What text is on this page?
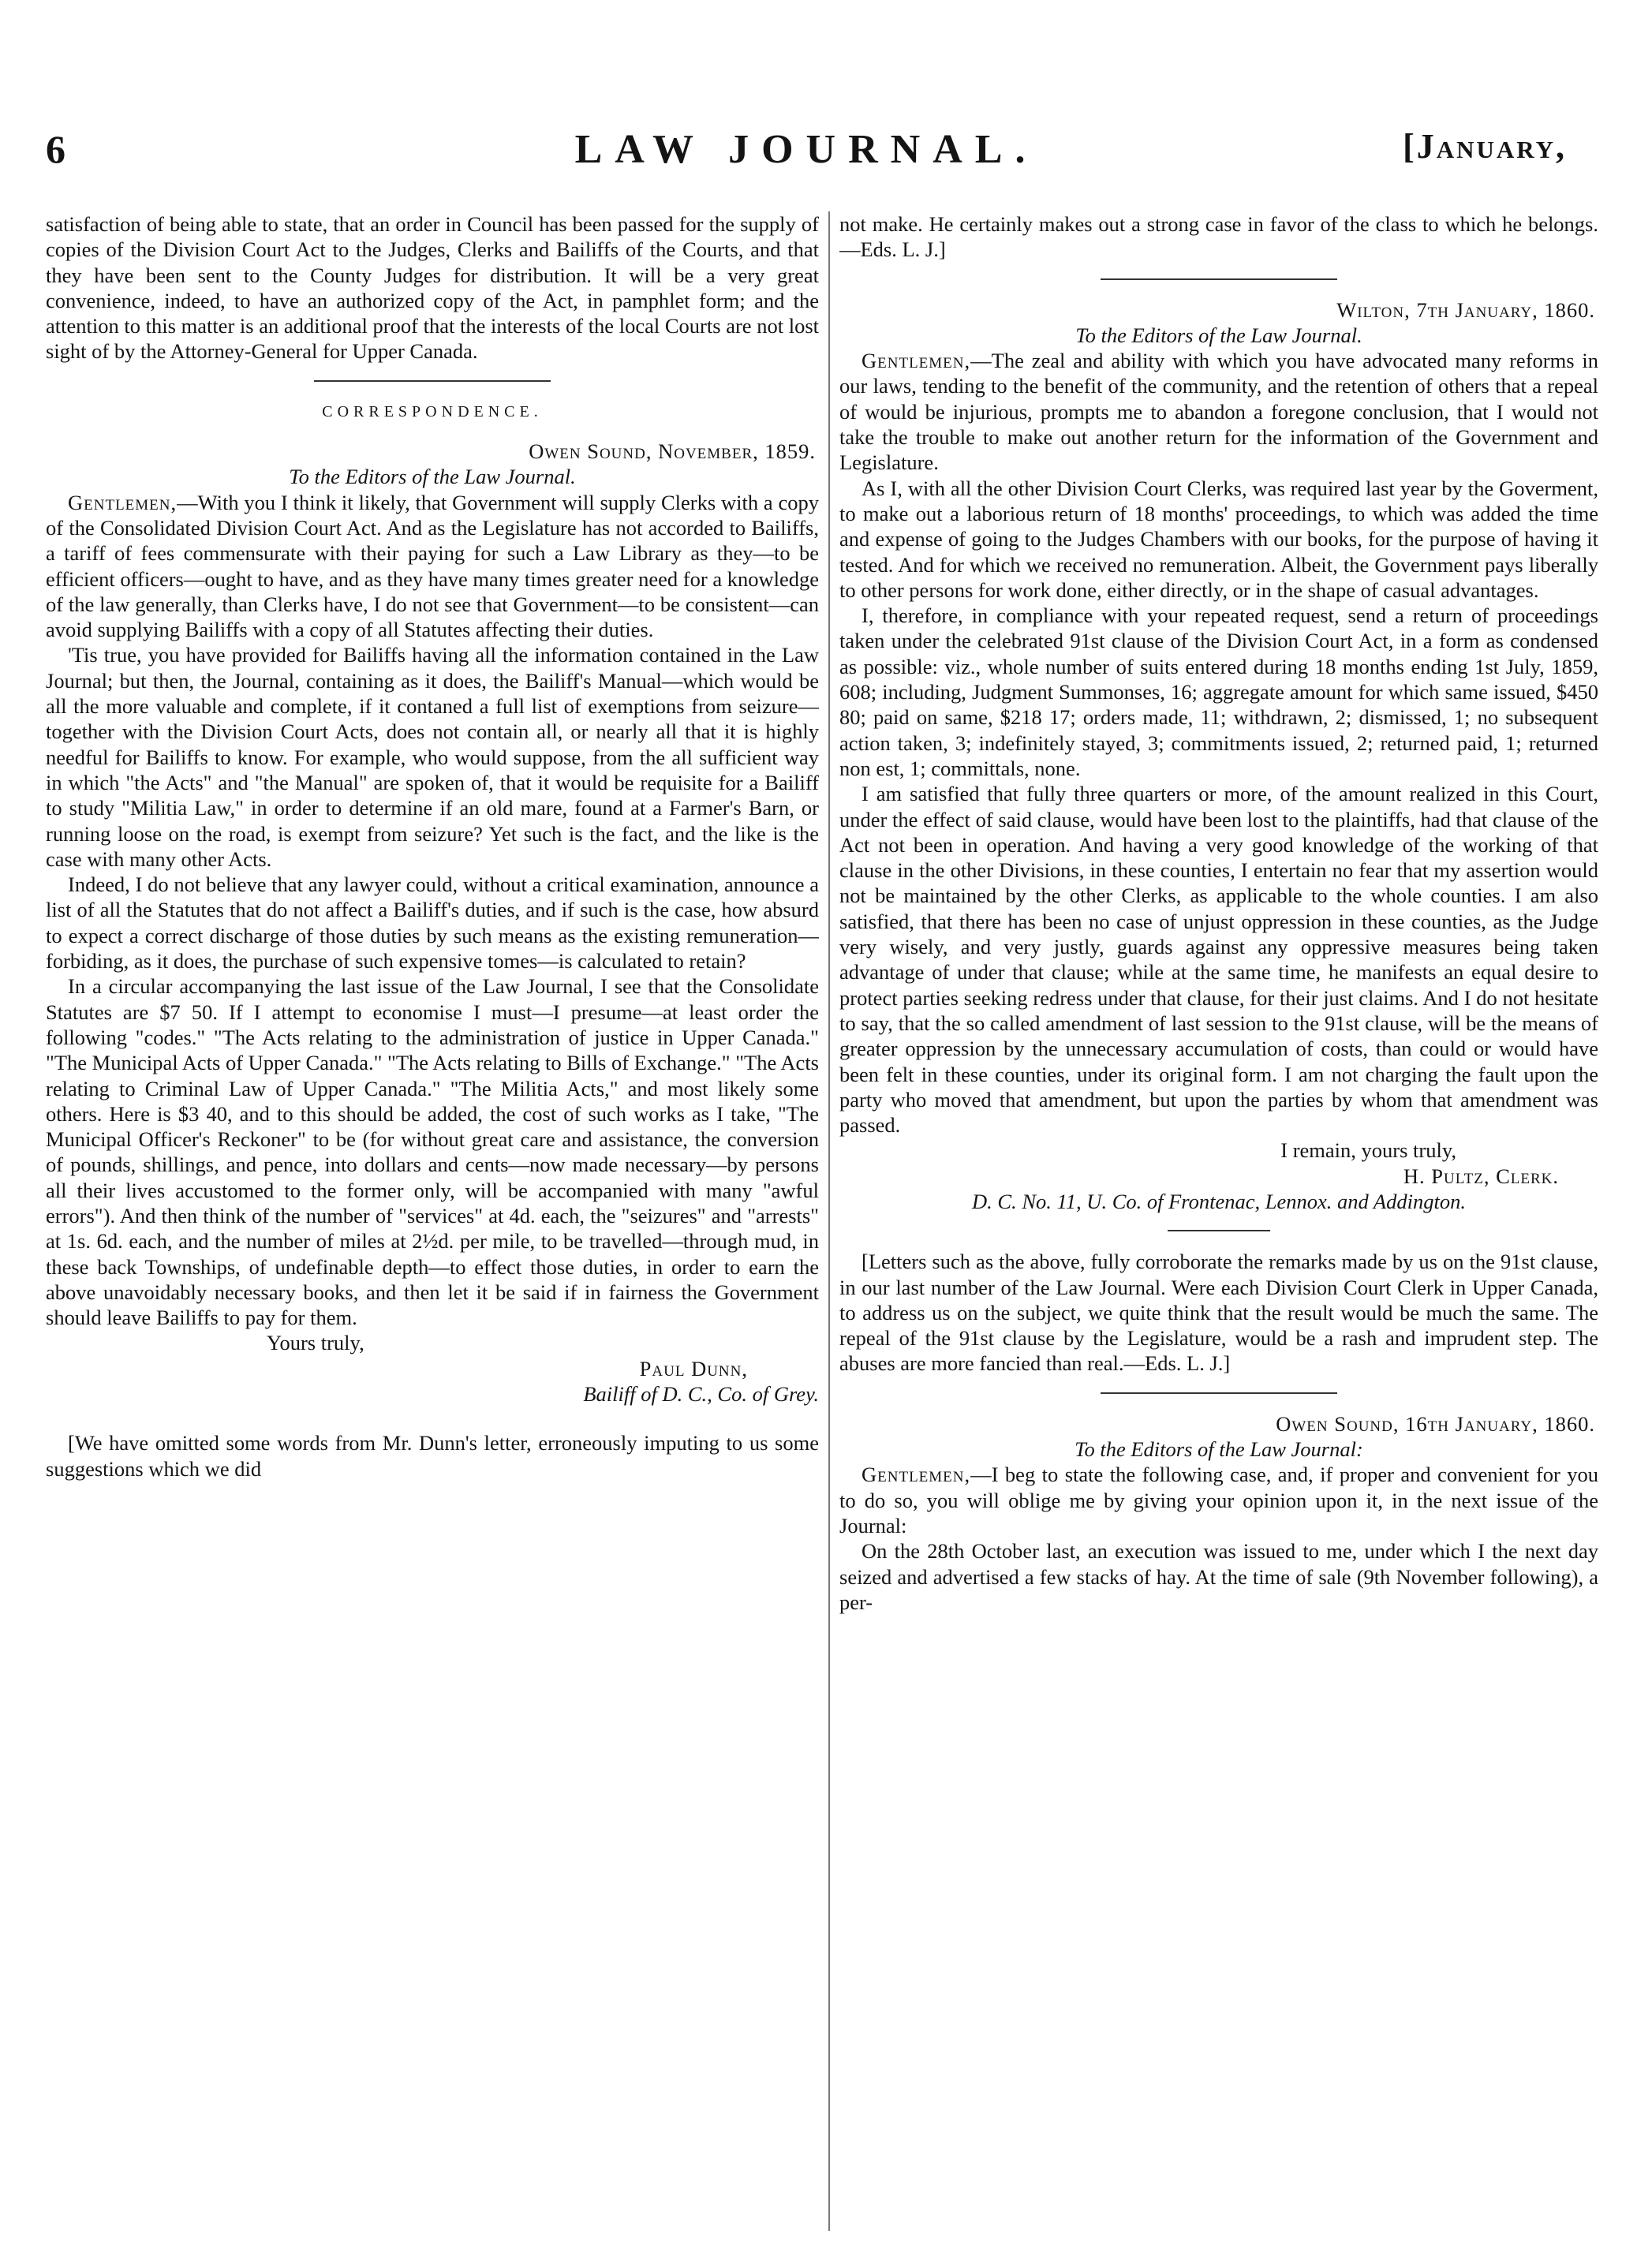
6	LAW JOURNAL.	[January,

satisfaction of being able to state, that an order in Council has been passed for the supply of copies of the Division Court Act to the Judges, Clerks and Bailiffs of the Courts, and that they have been sent to the County Judges for distribution. It will be a very great convenience, indeed, to have an authorized copy of the Act, in pamphlet form; and the attention to this matter is an additional proof that the interests of the local Courts are not lost sight of by the Attorney-General for Upper Canada.

CORRESPONDENCE.
Owen Sound, November, 1859.
To the Editors of the Law Journal.

Gentlemen,—With you I think it likely, that Government will supply Clerks with a copy of the Consolidated Division Court Act. And as the Legislature has not accorded to Bailiffs, a tariff of fees commensurate with their paying for such a Law Library as they—to be efficient officers—ought to have, and as they have many times greater need for a knowledge of the law generally, than Clerks have, I do not see that Government—to be consistent—can avoid supplying Bailiffs with a copy of all Statutes affecting their duties.

'Tis true, you have provided for Bailiffs having all the information contained in the Law Journal; but then, the Journal, containing as it does, the Bailiff's Manual—which would be all the more valuable and complete, if it contaned a full list of exemptions from seizure—together with the Division Court Acts, does not contain all, or nearly all that it is highly needful for Bailiffs to know. For example, who would suppose, from the all sufficient way in which "the Acts" and "the Manual" are spoken of, that it would be requisite for a Bailiff to study "Militia Law," in order to determine if an old mare, found at a Farmer's Barn, or running loose on the road, is exempt from seizure? Yet such is the fact, and the like is the case with many other Acts.

Indeed, I do not believe that any lawyer could, without a critical examination, announce a list of all the Statutes that do not affect a Bailiff's duties, and if such is the case, how absurd to expect a correct discharge of those duties by such means as the existing remuneration—forbiding, as it does, the purchase of such expensive tomes—is calculated to retain?

In a circular accompanying the last issue of the Law Journal, I see that the Consolidate Statutes are $7 50. If I attempt to economise I must—I presume—at least order the following "codes." "The Acts relating to the administration of justice in Upper Canada." "The Municipal Acts of Upper Canada." "The Acts relating to Bills of Exchange." "The Acts relating to Criminal Law of Upper Canada." "The Militia Acts," and most likely some others. Here is $3 40, and to this should be added, the cost of such works as I take, "The Municipal Officer's Reckoner" to be (for without great care and assistance, the conversion of pounds, shillings, and pence, into dollars and cents—now made necessary—by persons all their lives accustomed to the former only, will be accompanied with many "awful errors"). And then think of the number of "services" at 4d. each, the "seizures" and "arrests" at 1s. 6d. each, and the number of miles at 2½d. per mile, to be travelled—through mud, in these back Townships, of undefinable depth—to effect those duties, in order to earn the above unavoidably necessary books, and then let it be said if in fairness the Government should leave Bailiffs to pay for them.

Yours truly,
Paul Dunn,
Bailiff of D. C., Co. of Grey.

[We have omitted some words from Mr. Dunn's letter, erroneously imputing to us some suggestions which we did

not make. He certainly makes out a strong case in favor of the class to which he belongs.—Eds. L. J.]

Wilton, 7th January, 1860.
To the Editors of the Law Journal.

Gentlemen,—The zeal and ability with which you have advocated many reforms in our laws, tending to the benefit of the community, and the retention of others that a repeal of would be injurious, prompts me to abandon a foregone conclusion, that I would not take the trouble to make out another return for the information of the Government and Legislature.

As I, with all the other Division Court Clerks, was required last year by the Goverment, to make out a laborious return of 18 months' proceedings, to which was added the time and expense of going to the Judges Chambers with our books, for the purpose of having it tested. And for which we received no remuneration. Albeit, the Government pays liberally to other persons for work done, either directly, or in the shape of casual advantages.

I, therefore, in compliance with your repeated request, send a return of proceedings taken under the celebrated 91st clause of the Division Court Act, in a form as condensed as possible: viz., whole number of suits entered during 18 months ending 1st July, 1859, 608; including, Judgment Summonses, 16; aggregate amount for which same issued, $450 80; paid on same, $218 17; orders made, 11; withdrawn, 2; dismissed, 1; no subsequent action taken, 3; indefinitely stayed, 3; commitments issued, 2; returned paid, 1; returned non est, 1; committals, none.

I am satisfied that fully three quarters or more, of the amount realized in this Court, under the effect of said clause, would have been lost to the plaintiffs, had that clause of the Act not been in operation. And having a very good knowledge of the working of that clause in the other Divisions, in these counties, I entertain no fear that my assertion would not be maintained by the other Clerks, as applicable to the whole counties. I am also satisfied, that there has been no case of unjust oppression in these counties, as the Judge very wisely, and very justly, guards against any oppressive measures being taken advantage of under that clause; while at the same time, he manifests an equal desire to protect parties seeking redress under that clause, for their just claims. And I do not hesitate to say, that the so called amendment of last session to the 91st clause, will be the means of greater oppression by the unnecessary accumulation of costs, than could or would have been felt in these counties, under its original form. I am not charging the fault upon the party who moved that amendment, but upon the parties by whom that amendment was passed.

I remain, yours truly,
H. Pultz, Clerk.
D. C. No. 11, U. Co. of Frontenac, Lennox. and Addington.

[Letters such as the above, fully corroborate the remarks made by us on the 91st clause, in our last number of the Law Journal. Were each Division Court Clerk in Upper Canada, to address us on the subject, we quite think that the result would be much the same. The repeal of the 91st clause by the Legislature, would be a rash and imprudent step. The abuses are more fancied than real.—Eds. L. J.]

Owen Sound, 16th January, 1860.
To the Editors of the Law Journal:

Gentlemen,—I beg to state the following case, and, if proper and convenient for you to do so, you will oblige me by giving your opinion upon it, in the next issue of the Journal:

On the 28th October last, an execution was issued to me, under which I the next day seized and advertised a few stacks of hay. At the time of sale (9th November following), a per-
